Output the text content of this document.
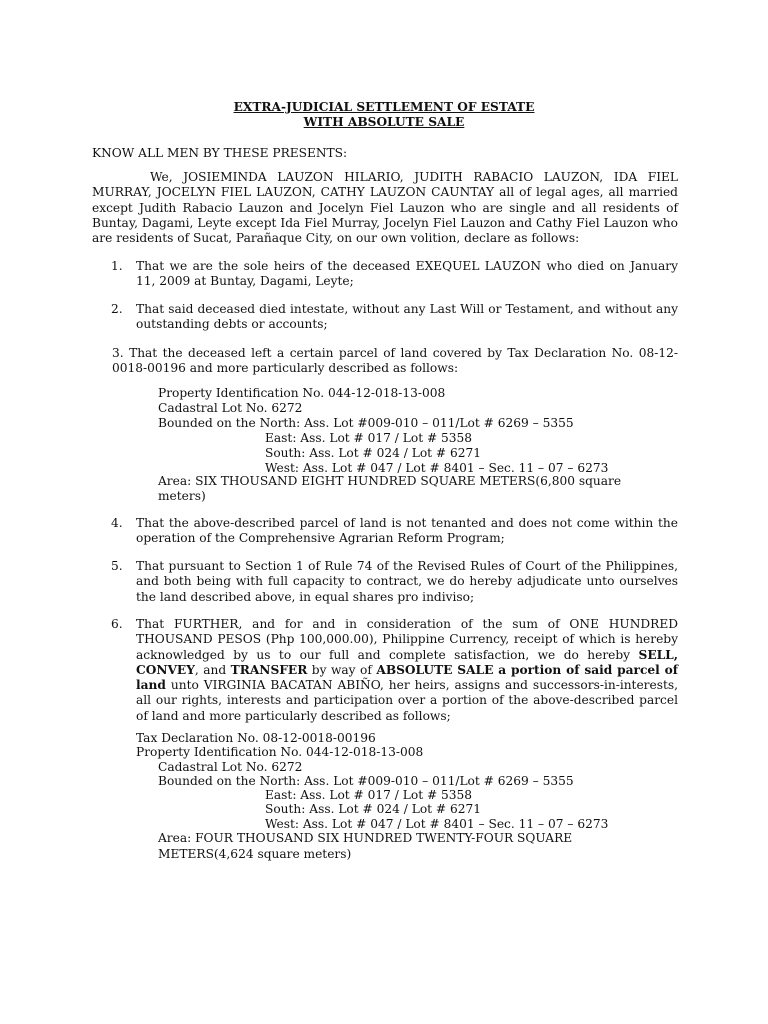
EXTRA-JUDICIAL SETTLEMENT OF ESTATE
WITH ABSOLUTE SALE
KNOW ALL MEN BY THESE PRESENTS:
We, JOSIEMINDA LAUZON HILARIO, JUDITH RABACIO LAUZON, IDA FIEL MURRAY, JOCELYN FIEL LAUZON, CATHY LAUZON CAUNTAY all of legal ages, all married except Judith Rabacio Lauzon and Jocelyn Fiel Lauzon who are single and all residents of Buntay, Dagami, Leyte except Ida Fiel Murray, Jocelyn Fiel Lauzon and Cathy Fiel Lauzon who are residents of Sucat, Parañaque City, on our own volition, declare as follows:
1. That we are the sole heirs of the deceased EXEQUEL LAUZON who died on January 11, 2009 at Buntay, Dagami, Leyte;
2. That said deceased died intestate, without any Last Will or Testament, and without any outstanding debts or accounts;
3. That the deceased left a certain parcel of land covered by Tax Declaration No. 08-12-0018-00196 and more particularly described as follows:
Property Identification No. 044-12-018-13-008
Cadastral Lot No. 6272
Bounded on the North: Ass. Lot #009-010 – 011/Lot # 6269 – 5355
East: Ass. Lot # 017 / Lot # 5358
South: Ass. Lot # 024 / Lot # 6271
West: Ass. Lot # 047 / Lot # 8401 – Sec. 11 – 07 – 6273
Area: SIX THOUSAND EIGHT HUNDRED SQUARE METERS(6,800 square
meters)
4. That the above-described parcel of land is not tenanted and does not come within the operation of the Comprehensive Agrarian Reform Program;
5. That pursuant to Section 1 of Rule 74 of the Revised Rules of Court of the Philippines, and both being with full capacity to contract, we do hereby adjudicate unto ourselves the land described above, in equal shares pro indiviso;
6. That FURTHER, and for and in consideration of the sum of ONE HUNDRED THOUSAND PESOS (Php 100,000.00), Philippine Currency, receipt of which is hereby acknowledged by us to our full and complete satisfaction, we do hereby SELL, CONVEY, and TRANSFER by way of ABSOLUTE SALE a portion of said parcel of land unto VIRGINIA BACATAN ABIÑO, her heirs, assigns and successors-in-interests, all our rights, interests and participation over a portion of the above-described parcel of land and more particularly described as follows;
Tax Declaration No. 08-12-0018-00196
Property Identification No. 044-12-018-13-008
Cadastral Lot No. 6272
Bounded on the North: Ass. Lot #009-010 – 011/Lot # 6269 – 5355
East: Ass. Lot # 017 / Lot # 5358
South: Ass. Lot # 024 / Lot # 6271
West: Ass. Lot # 047 / Lot # 8401 – Sec. 11 – 07 – 6273
Area: FOUR THOUSAND SIX HUNDRED TWENTY-FOUR SQUARE
METERS(4,624 square meters)
